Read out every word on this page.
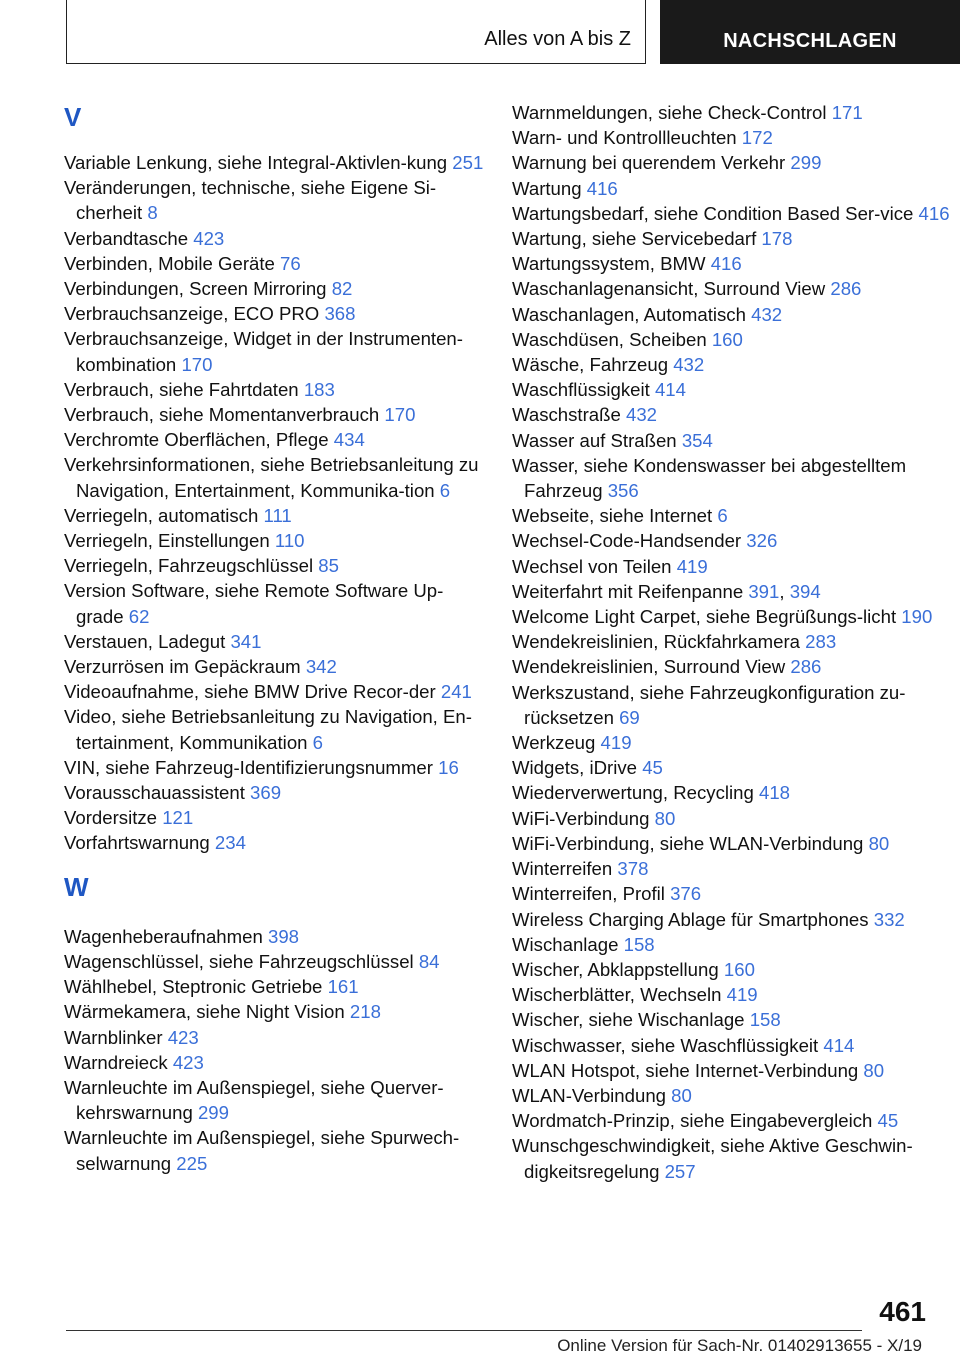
Alles von A bis Z	NACHSCHLAGEN
V
Variable Lenkung, siehe Integral-Aktivlen-kung 251
Veränderungen, technische, siehe Eigene Si-cherheit 8
Verbandtasche 423
Verbinden, Mobile Geräte 76
Verbindungen, Screen Mirroring 82
Verbrauchsanzeige, ECO PRO 368
Verbrauchsanzeige, Widget in der Instrumenten-kombination 170
Verbrauch, siehe Fahrtdaten 183
Verbrauch, siehe Momentanverbrauch 170
Verchromte Oberflächen, Pflege 434
Verkehrsinformationen, siehe Betriebsanleitung zu Navigation, Entertainment, Kommunika-tion 6
Verriegeln, automatisch 111
Verriegeln, Einstellungen 110
Verriegeln, Fahrzeugschlüssel 85
Version Software, siehe Remote Software Up-grade 62
Verstauen, Ladegut 341
Verzurrösen im Gepäckraum 342
Videoaufnahme, siehe BMW Drive Recor-der 241
Video, siehe Betriebsanleitung zu Navigation, En-tertainment, Kommunikation 6
VIN, siehe Fahrzeug-Identifizierungsnummer 16
Vorausschauassistent 369
Vordersitze 121
Vorfahrtswarnung 234
W
Wagenheberaufnahmen 398
Wagenschlüssel, siehe Fahrzeugschlüssel 84
Wählhebel, Steptronic Getriebe 161
Wärmekamera, siehe Night Vision 218
Warnblinker 423
Warndreieck 423
Warnleuchte im Außenspiegel, siehe Querver-kehrswarnung 299
Warnleuchte im Außenspiegel, siehe Spurwech-selwarnung 225
Warnmeldungen, siehe Check-Control 171
Warn- und Kontrollleuchten 172
Warnung bei querendem Verkehr 299
Wartung 416
Wartungsbedarf, siehe Condition Based Ser-vice 416
Wartung, siehe Servicebedarf 178
Wartungssystem, BMW 416
Waschanlagenansicht, Surround View 286
Waschanlagen, Automatisch 432
Waschdüsen, Scheiben 160
Wäsche, Fahrzeug 432
Waschflüssigkeit 414
Waschstraße 432
Wasser auf Straßen 354
Wasser, siehe Kondenswasser bei abgestelltem Fahrzeug 356
Webseite, siehe Internet 6
Wechsel-Code-Handsender 326
Wechsel von Teilen 419
Weiterfahrt mit Reifenpanne 391, 394
Welcome Light Carpet, siehe Begrüßungs-licht 190
Wendekreislinien, Rückfahrkamera 283
Wendekreislinien, Surround View 286
Werkszustand, siehe Fahrzeugkonfiguration zu-rücksetzen 69
Werkzeug 419
Widgets, iDrive 45
Wiederverwertung, Recycling 418
WiFi-Verbindung 80
WiFi-Verbindung, siehe WLAN-Verbindung 80
Winterreifen 378
Winterreifen, Profil 376
Wireless Charging Ablage für Smartphones 332
Wischanlage 158
Wischer, Abklappstellung 160
Wischerblätter, Wechseln 419
Wischer, siehe Wischanlage 158
Wischwasser, siehe Waschflüssigkeit 414
WLAN Hotspot, siehe Internet-Verbindung 80
WLAN-Verbindung 80
Wordmatch-Prinzip, siehe Eingabevergleich 45
Wunschgeschwindigkeit, siehe Aktive Geschwin-digkeitsregelung 257
461
Online Version für Sach-Nr. 01402913655 - X/19
